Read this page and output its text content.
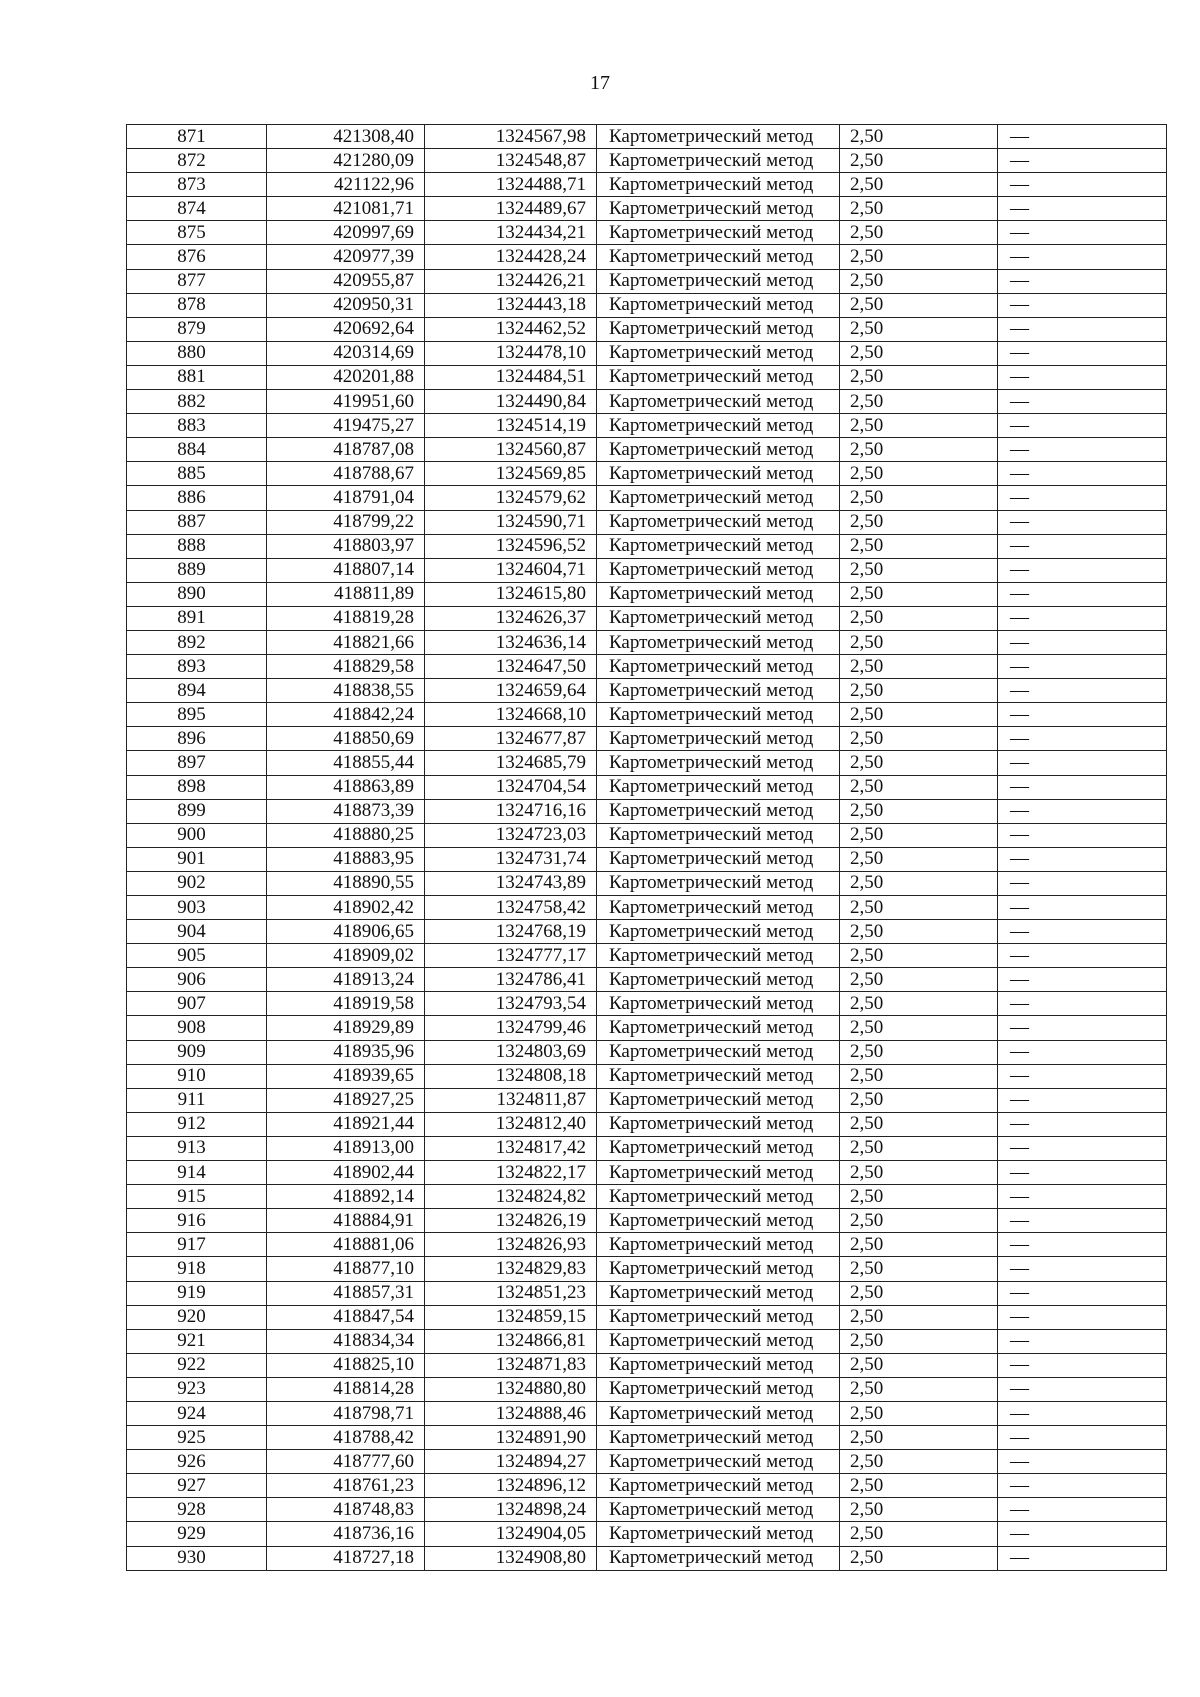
17
871	421308,40	1324567,98	Картометрический метод	2,50	—
872	421280,09	1324548,87	Картометрический метод	2,50	—
873	421122,96	1324488,71	Картометрический метод	2,50	—
874	421081,71	1324489,67	Картометрический метод	2,50	—
875	420997,69	1324434,21	Картометрический метод	2,50	—
876	420977,39	1324428,24	Картометрический метод	2,50	—
877	420955,87	1324426,21	Картометрический метод	2,50	—
878	420950,31	1324443,18	Картометрический метод	2,50	—
879	420692,64	1324462,52	Картометрический метод	2,50	—
880	420314,69	1324478,10	Картометрический метод	2,50	—
881	420201,88	1324484,51	Картометрический метод	2,50	—
882	419951,60	1324490,84	Картометрический метод	2,50	—
883	419475,27	1324514,19	Картометрический метод	2,50	—
884	418787,08	1324560,87	Картометрический метод	2,50	—
885	418788,67	1324569,85	Картометрический метод	2,50	—
886	418791,04	1324579,62	Картометрический метод	2,50	—
887	418799,22	1324590,71	Картометрический метод	2,50	—
888	418803,97	1324596,52	Картометрический метод	2,50	—
889	418807,14	1324604,71	Картометрический метод	2,50	—
890	418811,89	1324615,80	Картометрический метод	2,50	—
891	418819,28	1324626,37	Картометрический метод	2,50	—
892	418821,66	1324636,14	Картометрический метод	2,50	—
893	418829,58	1324647,50	Картометрический метод	2,50	—
894	418838,55	1324659,64	Картометрический метод	2,50	—
895	418842,24	1324668,10	Картометрический метод	2,50	—
896	418850,69	1324677,87	Картометрический метод	2,50	—
897	418855,44	1324685,79	Картометрический метод	2,50	—
898	418863,89	1324704,54	Картометрический метод	2,50	—
899	418873,39	1324716,16	Картометрический метод	2,50	—
900	418880,25	1324723,03	Картометрический метод	2,50	—
901	418883,95	1324731,74	Картометрический метод	2,50	—
902	418890,55	1324743,89	Картометрический метод	2,50	—
903	418902,42	1324758,42	Картометрический метод	2,50	—
904	418906,65	1324768,19	Картометрический метод	2,50	—
905	418909,02	1324777,17	Картометрический метод	2,50	—
906	418913,24	1324786,41	Картометрический метод	2,50	—
907	418919,58	1324793,54	Картометрический метод	2,50	—
908	418929,89	1324799,46	Картометрический метод	2,50	—
909	418935,96	1324803,69	Картометрический метод	2,50	—
910	418939,65	1324808,18	Картометрический метод	2,50	—
911	418927,25	1324811,87	Картометрический метод	2,50	—
912	418921,44	1324812,40	Картометрический метод	2,50	—
913	418913,00	1324817,42	Картометрический метод	2,50	—
914	418902,44	1324822,17	Картометрический метод	2,50	—
915	418892,14	1324824,82	Картометрический метод	2,50	—
916	418884,91	1324826,19	Картометрический метод	2,50	—
917	418881,06	1324826,93	Картометрический метод	2,50	—
918	418877,10	1324829,83	Картометрический метод	2,50	—
919	418857,31	1324851,23	Картометрический метод	2,50	—
920	418847,54	1324859,15	Картометрический метод	2,50	—
921	418834,34	1324866,81	Картометрический метод	2,50	—
922	418825,10	1324871,83	Картометрический метод	2,50	—
923	418814,28	1324880,80	Картометрический метод	2,50	—
924	418798,71	1324888,46	Картометрический метод	2,50	—
925	418788,42	1324891,90	Картометрический метод	2,50	—
926	418777,60	1324894,27	Картометрический метод	2,50	—
927	418761,23	1324896,12	Картометрический метод	2,50	—
928	418748,83	1324898,24	Картометрический метод	2,50	—
929	418736,16	1324904,05	Картометрический метод	2,50	—
930	418727,18	1324908,80	Картометрический метод	2,50	—
